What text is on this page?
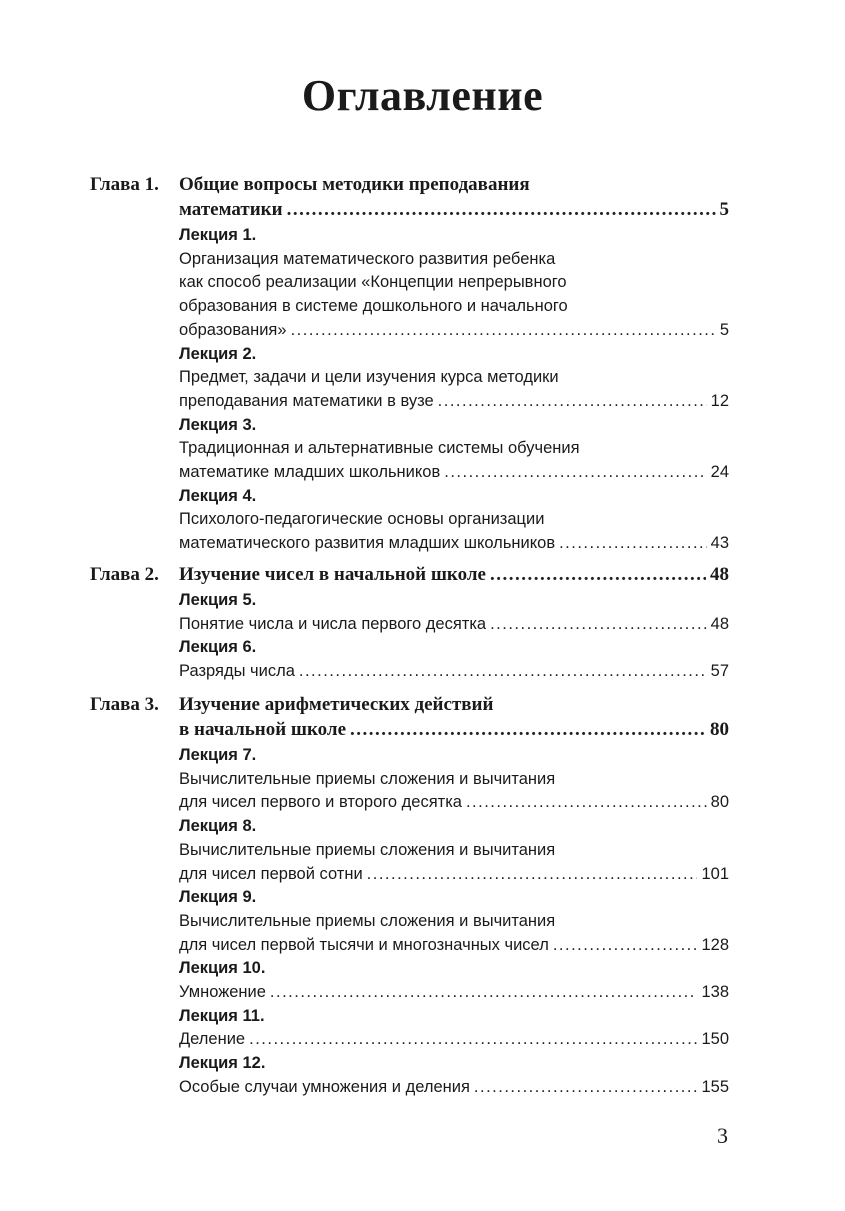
Оглавление
Глава 1. Общие вопросы методики преподавания
математики .....	5
Лекция 1.
Организация математического развития ребенка
как способ реализации «Концепции непрерывного
образования в системе дошкольного и начального
образования» .....	5
Лекция 2.
Предмет, задачи и цели изучения курса методики
преподавания математики в вузе .....	12
Лекция 3.
Традиционная и альтернативные системы обучения
математике младших школьников .....	24
Лекция 4.
Психолого-педагогические основы организации
математического развития младших школьников .....	43
Глава 2. Изучение чисел в начальной школе .....	48
Лекция 5.
Понятие числа и числа первого десятка .....	48
Лекция 6.
Разряды числа .....	57
Глава 3. Изучение арифметических действий
в начальной школе .....	80
Лекция 7.
Вычислительные приемы сложения и вычитания
для чисел первого и второго десятка .....	80
Лекция 8.
Вычислительные приемы сложения и вычитания
для чисел первой сотни .....	101
Лекция 9.
Вычислительные приемы сложения и вычитания
для чисел первой тысячи и многозначных чисел .....	128
Лекция 10.
Умножение .....	138
Лекция 11.
Деление .....	150
Лекция 12.
Особые случаи умножения и деления .....	155
3
